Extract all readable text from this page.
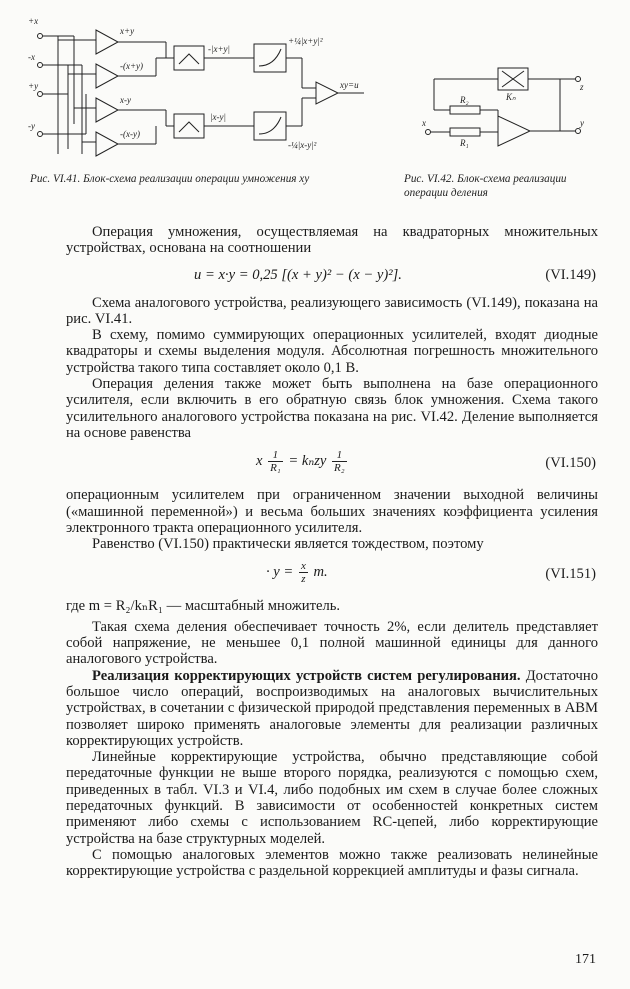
+x
-x
+y
-y
x+y
-(x+y)
x-y
-(x-y)
-|x+y|
|x-y|
+¼|x+y|²
-¼|x-y|²
xy=u
Рис. VI.41. Блок-схема реализации операции умножения xy
z
x	y
R₂
R₁
Kₙ
Рис. VI.42. Блок-схема реализации операции деления

Операция умножения, осуществляемая на квадраторных множительных устройствах, основана на соотношении

u = x·y = 0,25 [(x + y)² − (x − y)²].	(VI.149)

Схема аналогового устройства, реализующего зависимость (VI.149), показана на рис. VI.41.

В схему, помимо суммирующих операционных усилителей, входят диодные квадраторы и схемы выделения модуля. Абсолютная погрешность множительного устройства такого типа составляет около 0,1 В.

Операция деления также может быть выполнена на базе операционного усилителя, если включить в его обратную связь блок умножения. Схема такого усилительного аналогового устройства показана на рис. VI.42. Деление выполняется на основе равенства

x $\frac{1}{\text{R₁}} = k_nzy \frac{1}{\text{R₂}}$	(VI.150)

операционным усилителем при ограниченном значении выходной величины («машинной переменной») и весьма больших значениях коэффициента усиления электронного тракта операционного усилителя.

Равенство (VI.150) практически является тождеством, поэтому

· $y = \frac{x}{z} m$.	(VI.151)

где m = R₂/kₙR₁ — масштабный множитель.

Такая схема деления обеспечивает точность 2%, если делитель представляет собой напряжение, не меньшее 0,1 полной машинной единицы для данного аналогового устройства.

Реализация корректирующих устройств систем регулирования. Достаточно большое число операций, воспроизводимых на аналоговых вычислительных устройствах, в сочетании с физической природой представления переменных в АВМ позволяет широко применять аналоговые элементы для реализации различных корректирующих устройств.

Линейные корректирующие устройства, обычно представляющие собой передаточные функции не выше второго порядка, реализуются с помощью схем, приведенных в табл. VI.3 и VI.4, либо подобных им схем в случае более сложных передаточных функций. В зависимости от особенностей конкретных систем применяют либо схемы с использованием RC-цепей, либо корректирующие устройства на базе структурных моделей.

С помощью аналоговых элементов можно также реализовать нелинейные корректирующие устройства с раздельной коррекцией амплитуды и фазы сигнала.

171
